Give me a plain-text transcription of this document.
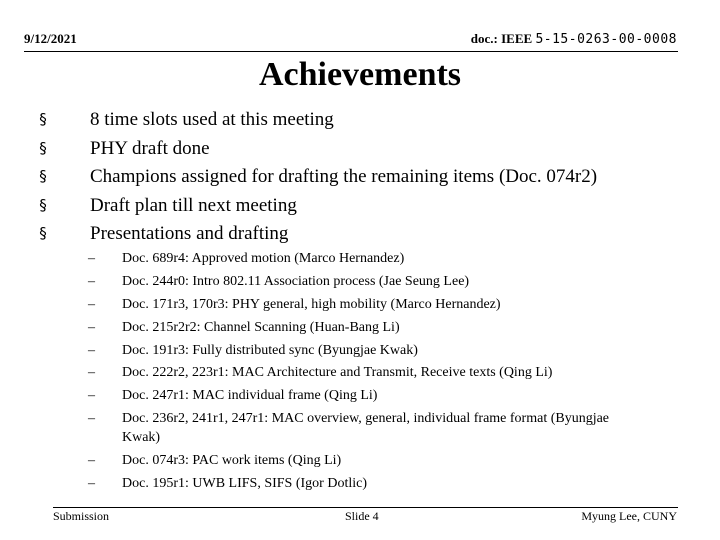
9/12/2021	doc.: IEEE 5-15-0263-00-0008
Achievements
§ 8 time slots used at this meeting
§ PHY draft done
§ Champions assigned for drafting the remaining items (Doc. 074r2)
§ Draft plan till next meeting
§ Presentations and drafting
– Doc. 689r4: Approved motion (Marco Hernandez)
– Doc. 244r0: Intro 802.11 Association process (Jae Seung Lee)
– Doc. 171r3, 170r3: PHY general, high mobility (Marco Hernandez)
– Doc. 215r2r2: Channel Scanning (Huan-Bang Li)
– Doc. 191r3: Fully distributed sync (Byungjae Kwak)
– Doc. 222r2, 223r1: MAC Architecture and Transmit, Receive texts (Qing Li)
– Doc. 247r1: MAC individual frame (Qing Li)
– Doc. 236r2, 241r1, 247r1: MAC overview, general, individual frame format (Byungjae Kwak)
– Doc. 074r3: PAC work items (Qing Li)
– Doc. 195r1: UWB LIFS, SIFS (Igor Dotlic)
Submission	Slide 4	Myung Lee, CUNY
